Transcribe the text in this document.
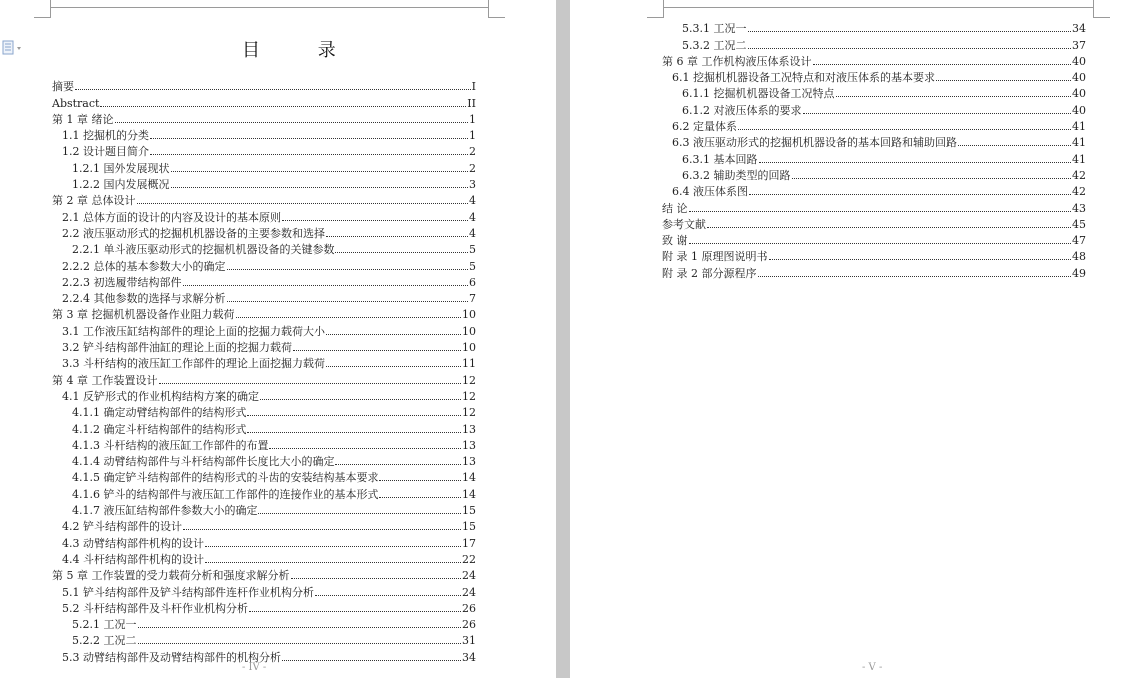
目 录
摘要	I
Abstract	II
第 1 章 绪论	1
1.1 挖掘机的分类	1
1.2 设计题目简介	2
1.2.1 国外发展现状	2
1.2.2 国内发展概况	3
第 2 章 总体设计	4
2.1 总体方面的设计的内容及设计的基本原则	4
2.2 液压驱动形式的挖掘机机器设备的主要参数和选择	4
2.2.1 单斗液压驱动形式的挖掘机机器设备的关键参数	5
2.2.2 总体的基本参数大小的确定	5
2.2.3 初选履带结构部件	6
2.2.4 其他参数的选择与求解分析	7
第 3 章 挖掘机机器设备作业阻力载荷	10
3.1 工作液压缸结构部件的理论上面的挖掘力载荷大小	10
3.2 铲斗结构部件油缸的理论上面的挖掘力载荷	10
3.3 斗杆结构的液压缸工作部件的理论上面挖掘力载荷	11
第 4 章 工作装置设计	12
4.1 反铲形式的作业机构结构方案的确定	12
4.1.1 确定动臂结构部件的结构形式	12
4.1.2 确定斗杆结构部件的结构形式	13
4.1.3 斗杆结构的液压缸工作部件的布置	13
4.1.4 动臂结构部件与斗杆结构部件长度比大小的确定	13
4.1.5 确定铲斗结构部件的结构形式的斗齿的安装结构基本要求	14
4.1.6 铲斗的结构部件与液压缸工作部件的连接作业的基本形式	14
4.1.7 液压缸结构部件参数大小的确定	15
4.2 铲斗结构部件的设计	15
4.3 动臂结构部件机构的设计	17
4.4 斗杆结构部件机构的设计	22
第 5 章 工作装置的受力载荷分析和强度求解分析	24
5.1 铲斗结构部件及铲斗结构部件连杆作业机构分析	24
5.2 斗杆结构部件及斗杆作业机构分析	26
5.2.1 工况一	26
5.2.2 工况二	31
5.3 动臂结构部件及动臂结构部件的机构分析	34
- IV -
5.3.1 工况一	34
5.3.2 工况二	37
第 6 章 工作机构液压体系设计	40
6.1 挖掘机机器设备工况特点和对液压体系的基本要求	40
6.1.1 挖掘机机器设备工况特点	40
6.1.2 对液压体系的要求	40
6.2 定量体系	41
6.3 液压驱动形式的挖掘机机器设备的基本回路和辅助回路	41
6.3.1 基本回路	41
6.3.2 辅助类型的回路	42
6.4 液压体系图	42
结 论	43
参考文献	45
致 谢	47
附 录 1 原理图说明书	48
附 录 2 部分源程序	49
- V -
